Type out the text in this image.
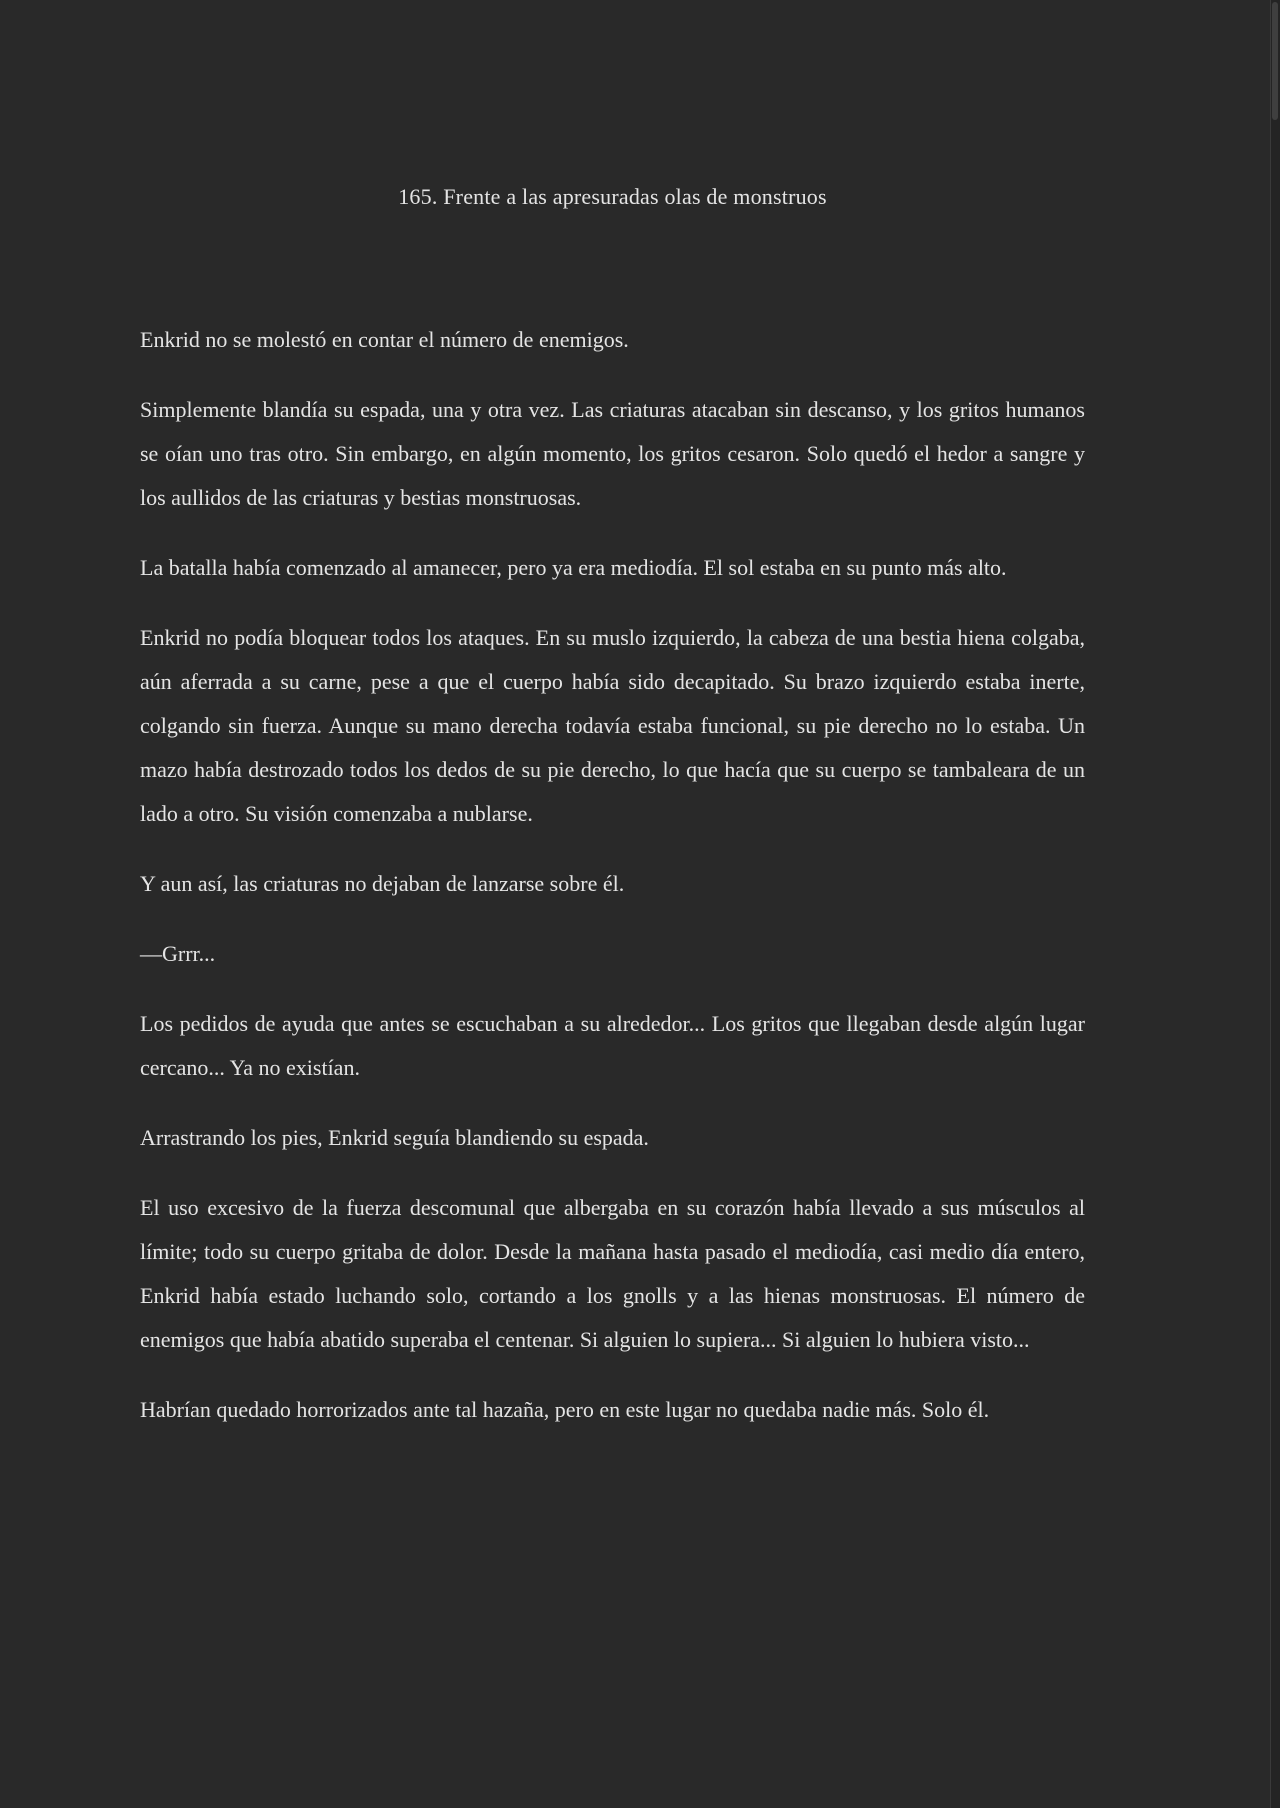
165. Frente a las apresuradas olas de monstruos

Enkrid no se molestó en contar el número de enemigos.

Simplemente blandía su espada, una y otra vez. Las criaturas atacaban sin descanso, y los gritos humanos se oían uno tras otro. Sin embargo, en algún momento, los gritos cesaron. Solo quedó el hedor a sangre y los aullidos de las criaturas y bestias monstruosas.

La batalla había comenzado al amanecer, pero ya era mediodía. El sol estaba en su punto más alto.

Enkrid no podía bloquear todos los ataques. En su muslo izquierdo, la cabeza de una bestia hiena colgaba, aún aferrada a su carne, pese a que el cuerpo había sido decapitado. Su brazo izquierdo estaba inerte, colgando sin fuerza. Aunque su mano derecha todavía estaba funcional, su pie derecho no lo estaba. Un mazo había destrozado todos los dedos de su pie derecho, lo que hacía que su cuerpo se tambaleara de un lado a otro. Su visión comenzaba a nublarse.

Y aun así, las criaturas no dejaban de lanzarse sobre él.

—Grrr...

Los pedidos de ayuda que antes se escuchaban a su alrededor... Los gritos que llegaban desde algún lugar cercano... Ya no existían.

Arrastrando los pies, Enkrid seguía blandiendo su espada.

El uso excesivo de la fuerza descomunal que albergaba en su corazón había llevado a sus músculos al límite; todo su cuerpo gritaba de dolor. Desde la mañana hasta pasado el mediodía, casi medio día entero, Enkrid había estado luchando solo, cortando a los gnolls y a las hienas monstruosas. El número de enemigos que había abatido superaba el centenar. Si alguien lo supiera... Si alguien lo hubiera visto...

Habrían quedado horrorizados ante tal hazaña, pero en este lugar no quedaba nadie más. Solo él.
